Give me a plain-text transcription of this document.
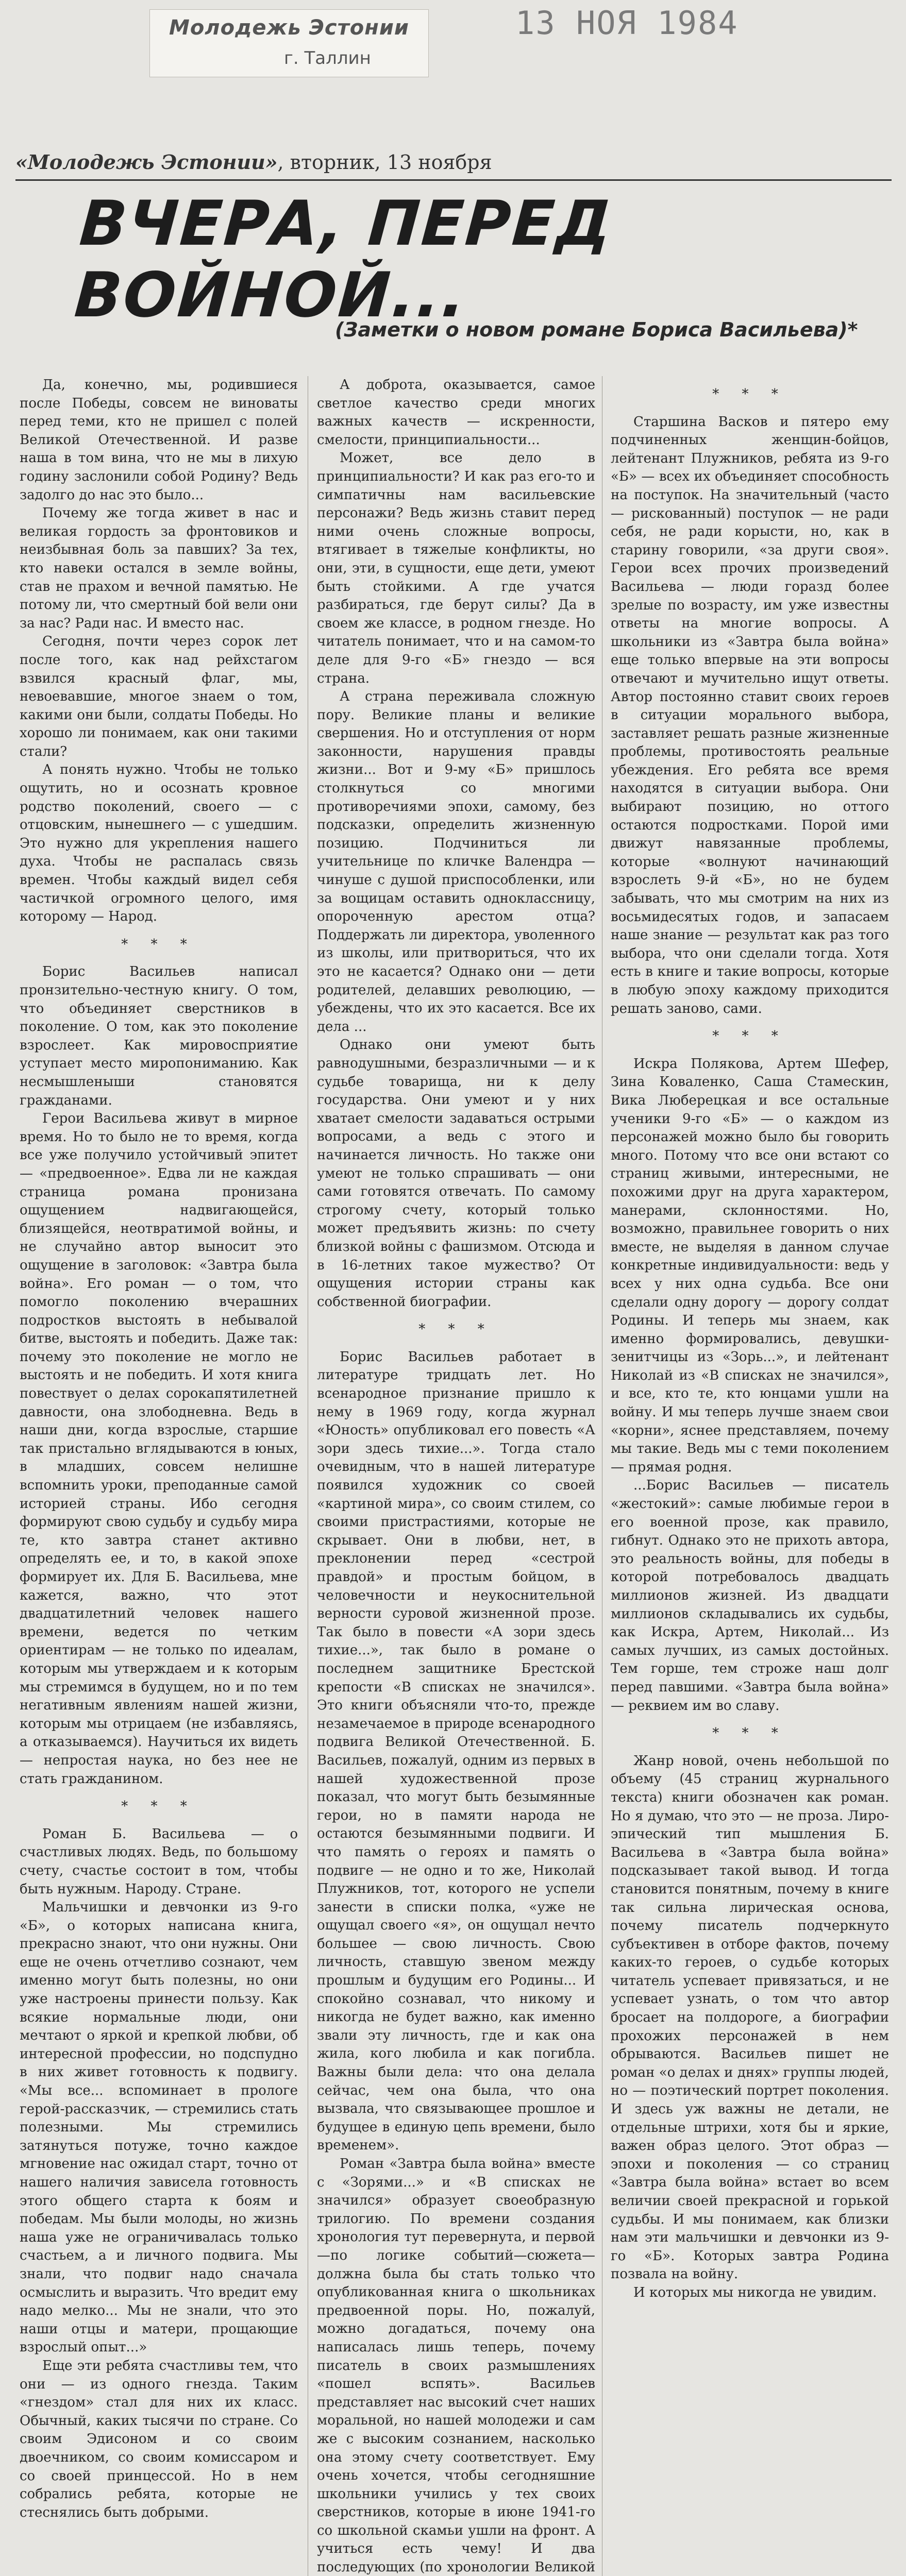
Молодежь Эстонии
г. Таллин
13 НОЯ 1984
«Молодежь Эстонии», вторник, 13 ноября
ВЧЕРА, ПЕРЕД ВОЙНОЙ...
(Заметки о новом романе Бориса Васильева)*

Да, конечно, мы, родившиеся после Победы, совсем не виноваты перед теми, кто не пришел с полей Великой Отечественной. И разве наша в том вина, что не мы в лихую годину заслонили собой Родину? Ведь задолго до нас это было...

Почему же тогда живет в нас и великая гордость за фронтовиков и неизбывная боль за павших? За тех, кто навеки остался в земле войны, став не прахом и вечной памятью. Не потому ли, что смертный бой вели они за нас? Ради нас. И вместо нас.

Сегодня, почти через сорок лет после того, как над рейхстагом взвился красный флаг, мы, невоевавшие, многое знаем о том, какими они были, солдаты Победы. Но хорошо ли понимаем, как они такими стали?

А понять нужно. Чтобы не только ощутить, но и осознать кровное родство поколений, своего — с отцовским, нынешнего — с ушедшим. Это нужно для укрепления нашего духа. Чтобы не распалась связь времен. Чтобы каждый видел себя частичкой огромного целого, имя которому — Народ.

* * *

Борис Васильев написал пронзительно-честную книгу. О том, что объединяет сверстников в поколение. О том, как это поколение взрослеет. Как мировосприятие уступает место миропониманию. Как несмышленыши становятся гражданами.

Герои Васильева живут в мирное время. Но то было не то время, когда все уже получило устойчивый эпитет — «предвоенное». Едва ли не каждая страница романа пронизана ощущением надвигающейся, близящейся, неотвратимой войны, и не случайно автор выносит это ощущение в заголовок: «Завтра была война». Его роман — о том, что помогло поколению вчерашних подростков выстоять в небывалой битве, выстоять и победить. Даже так: почему это поколение не могло не выстоять и не победить. И хотя книга повествует о делах сорокапятилетней давности, она злободневна. Ведь в наши дни, когда взрослые, старшие так пристально вглядываются в юных, в младших, совсем нелишне вспомнить уроки, преподанные самой историей страны. Ибо сегодня формируют свою судьбу и судьбу мира те, кто завтра станет активно определять ее, и то, в какой эпохе формирует их. Для Б. Васильева, мне кажется, важно, что этот двадцатилетний человек нашего времени, ведется по четким ориентирам — не только по идеалам, которым мы утверждаем и к которым мы стремимся в будущем, но и по тем негативным явлениям нашей жизни, которым мы отрицаем (не избавляясь, а отказываемся). Научиться их видеть — непростая наука, но без нее не стать гражданином.

* * *

Роман Б. Васильева — о счастливых людях. Ведь, по большому счету, счастье состоит в том, чтобы быть нужным. Народу. Стране.

Мальчишки и девчонки из 9-го «Б», о которых написана книга, прекрасно знают, что они нужны. Они еще не очень отчетливо сознают, чем именно могут быть полезны, но они уже настроены принести пользу. Как всякие нормальные люди, они мечтают о яркой и крепкой любви, об интересной профессии, но подспудно в них живет готовность к подвигу. «Мы все... вспоминает в прологе герой-рассказчик, — стремились стать полезными. Мы стремились затянуться потуже, точно каждое мгновение нас ожидал старт, точно от нашего наличия зависела готовность этого общего старта к боям и победам. Мы были молоды, но жизнь наша уже не ограничивалась только счастьем, а и личного подвига. Мы знали, что подвиг надо сначала осмыслить и выразить. Что вредит ему надо мелко... Мы не знали, что это наши отцы и матери, прощающие взрослый опыт...»

Еще эти ребята счастливы тем, что они — из одного гнезда. Таким «гнездом» стал для них их класс. Обычный, каких тысячи по стране. Со своим Эдисоном и со своим двоечником, со своим комиссаром и со своей принцессой. Но в нем собрались ребята, которые не стеснялись быть добрыми.

А доброта, оказывается, самое светлое качество среди многих важных качеств — искренности, смелости, принципиальности...

Может, все дело в принципиальности? И как раз его-то и симпатичны нам васильевские персонажи? Ведь жизнь ставит перед ними очень сложные вопросы, втягивает в тяжелые конфликты, но они, эти, в сущности, еще дети, умеют быть стойкими. А где учатся разбираться, где берут силы? Да в своем же классе, в родном гнезде. Но читатель понимает, что и на самом-то деле для 9-го «Б» гнездо — вся страна.

А страна переживала сложную пору. Великие планы и великие свершения. Но и отступления от норм законности, нарушения правды жизни... Вот и 9-му «Б» пришлось столкнуться со многими противоречиями эпохи, самому, без подсказки, определить жизненную позицию. Подчиниться ли учительнице по кличке Валендра — чинуше с душой приспособленки, или за вощицам оставить одноклассницу, опороченную арестом отца? Поддержать ли директора, уволенного из школы, или притвориться, что их это не касается? Однако они — дети родителей, делавших революцию, — убеждены, что их это касается. Все их дела ...

Однако они умеют быть равнодушными, безразличными — и к судьбе товарища, ни к делу государства. Они умеют и у них хватает смелости задаваться острыми вопросами, а ведь с этого и начинается личность. Но также они умеют не только спрашивать — они сами готовятся отвечать. По самому строгому счету, который только может предъявить жизнь: по счету близкой войны с фашизмом. Отсюда и в 16-летних такое мужество? От ощущения истории страны как собственной биографии.

* * *

Борис Васильев работает в литературе тридцать лет. Но всенародное признание пришло к нему в 1969 году, когда журнал «Юность» опубликовал его повесть «А зори здесь тихие...». Тогда стало очевидным, что в нашей литературе появился художник со своей «картиной мира», со своим стилем, со своими пристрастиями, которые не скрывает. Они в любви, нет, в преклонении перед «сестрой правдой» и простым бойцом, в человечности и неукоснительной верности суровой жизненной прозе. Так было в повести «А зори здесь тихие...», так было в романе о последнем защитнике Брестской крепости «В списках не значился». Это книги объясняли что-то, прежде незамечаемое в природе всенародного подвига Великой Отечественной. Б. Васильев, пожалуй, одним из первых в нашей художественной прозе показал, что могут быть безымянные герои, но в памяти народа не остаются безымянными подвиги. И что память о героях и память о подвиге — не одно и то же, Николай Плужников, тот, которого не успели занести в списки полка, «уже не ощущал своего «я», он ощущал нечто большее — свою личность. Свою личность, ставшую звеном между прошлым и будущим его Родины... И спокойно сознавал, что никому и никогда не будет важно, как именно звали эту личность, где и как она жила, кого любила и как погибла. Важны были дела: что она делала сейчас, чем она была, что она вызвала, что связывающее прошлое и будущее в единую цепь времени, было временем».

Роман «Завтра была война» вместе с «Зорями...» и «В списках не значился» образует своеобразную трилогию. По времени создания хронология тут перевернута, и первой—по логике событий—сюжета—должна была бы стать только что опубликованная книга о школьниках предвоенной поры. Но, пожалуй, можно догадаться, почему она написалась лишь теперь, почему писатель в своих размышлениях «пошел вспять». Васильев представляет нас высокий счет наших моральной, но нашей молодежи и сам же с высоким сознанием, насколько она этому счету соответствует. Ему очень хочется, чтобы сегодняшние школьники учились у тех своих сверстников, которые в июне 1941-го со школьной скамьи ушли на фронт. А учиться есть чему! И два последующих (по хронологии Великой

* * *

Старшина Васков и пятеро ему подчиненных женщин-бойцов, лейтенант Плужников, ребята из 9-го «Б» — всех их объединяет способность на поступок. На значительный (часто — рискованный) поступок — не ради себя, не ради корысти, но, как в старину говорили, «за други своя». Герои всех прочих произведений Васильева — люди горазд более зрелые по возрасту, им уже известны ответы на многие вопросы. А школьники из «Завтра была война» еще только впервые на эти вопросы отвечают и мучительно ищут ответы. Автор постоянно ставит своих героев в ситуации морального выбора, заставляет решать разные жизненные проблемы, противостоять реальные убеждения. Его ребята все время находятся в ситуации выбора. Они выбирают позицию, но оттого остаются подростками. Порой ими движут навязанные проблемы, которые «волнуют начинающий взрослеть 9-й «Б», но не будем забывать, что мы смотрим на них из восьмидесятых годов, и запасаем наше знание — результат как раз того выбора, что они сделали тогда. Хотя есть в книге и такие вопросы, которые в любую эпоху каждому приходится решать заново, сами.

* * *

Искра Полякова, Артем Шефер, Зина Коваленко, Саша Стамескин, Вика Люберецкая и все остальные ученики 9-го «Б» — о каждом из персонажей можно было бы говорить много. Потому что все они встают со страниц живыми, интересными, не похожими друг на друга характером, манерами, склонностями. Но, возможно, правильнее говорить о них вместе, не выделяя в данном случае конкретные индивидуальности: ведь у всех у них одна судьба. Все они сделали одну дорогу — дорогу солдат Родины. И теперь мы знаем, как именно формировались, девушки-зенитчицы из «Зорь...», и лейтенант Николай из «В списках не значился», и все, кто те, кто юнцами ушли на войну. И мы теперь лучше знаем свои «корни», яснее представляем, почему мы такие. Ведь мы с теми поколением — прямая родня.

...Борис Васильев — писатель «жестокий»: самые любимые герои в его военной прозе, как правило, гибнут. Однако это не прихоть автора, это реальность войны, для победы в которой потребовалось двадцать миллионов жизней. Из двадцати миллионов складывались их судьбы, как Искра, Артем, Николай... Из самых лучших, из самых достойных. Тем горше, тем строже наш долг перед павшими. «Завтра была война» — реквием им во славу.

* * *

Жанр новой, очень небольшой по объему (45 страниц журнального текста) книги обозначен как роман. Но я думаю, что это — не проза. Лиро-эпический тип мышления Б. Васильева в «Завтра была война» подсказывает такой вывод. И тогда становится понятным, почему в книге так сильна лирическая основа, почему писатель подчеркнуто субъективен в отборе фактов, почему каких-то героев, о судьбе которых читатель успевает привязаться, и не успевает узнать, о том что автор бросает на полдороге, а биографии прохожих персонажей в нем обрываются. Васильев пишет не роман «о делах и днях» группы людей, но — поэтический портрет поколения. И здесь уж важны не детали, не отдельные штрихи, хотя бы и яркие, важен образ целого. Этот образ — эпохи и поколения — со страниц «Завтра была война» встает во всем величии своей прекрасной и горькой судьбы. И мы понимаем, как близки нам эти мальчишки и девчонки из 9-го «Б». Которых завтра Родина позвала на войну.

И которых мы никогда не увидим.
